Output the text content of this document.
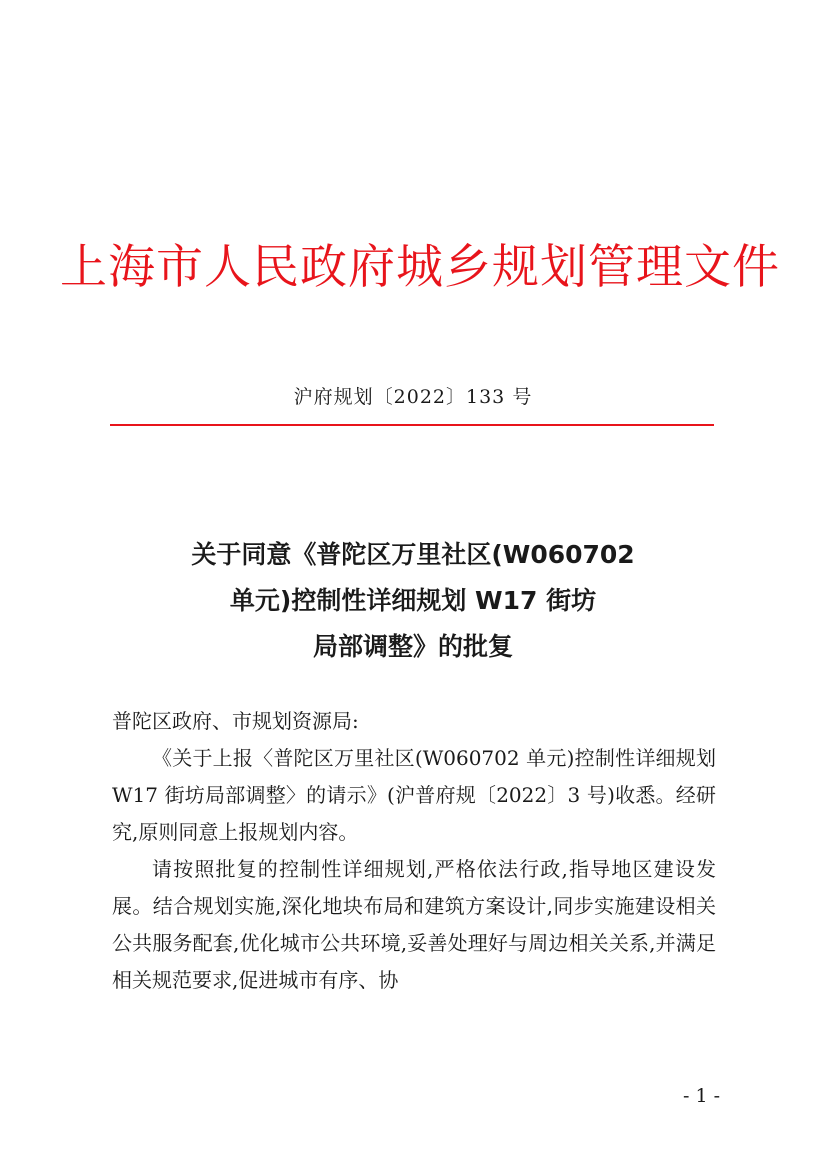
上海市人民政府城乡规划管理文件
沪府规划〔2022〕133 号
关于同意《普陀区万里社区(W060702
单元)控制性详细规划 W17 街坊
局部调整》的批复

普陀区政府、市规划资源局:

《关于上报〈普陀区万里社区(W060702 单元)控制性详细规划 W17 街坊局部调整〉的请示》(沪普府规〔2022〕3 号)收悉。经研究,原则同意上报规划内容。

请按照批复的控制性详细规划,严格依法行政,指导地区建设发展。结合规划实施,深化地块布局和建筑方案设计,同步实施建设相关公共服务配套,优化城市公共环境,妥善处理好与周边相关关系,并满足相关规范要求,促进城市有序、协

- 1 -
